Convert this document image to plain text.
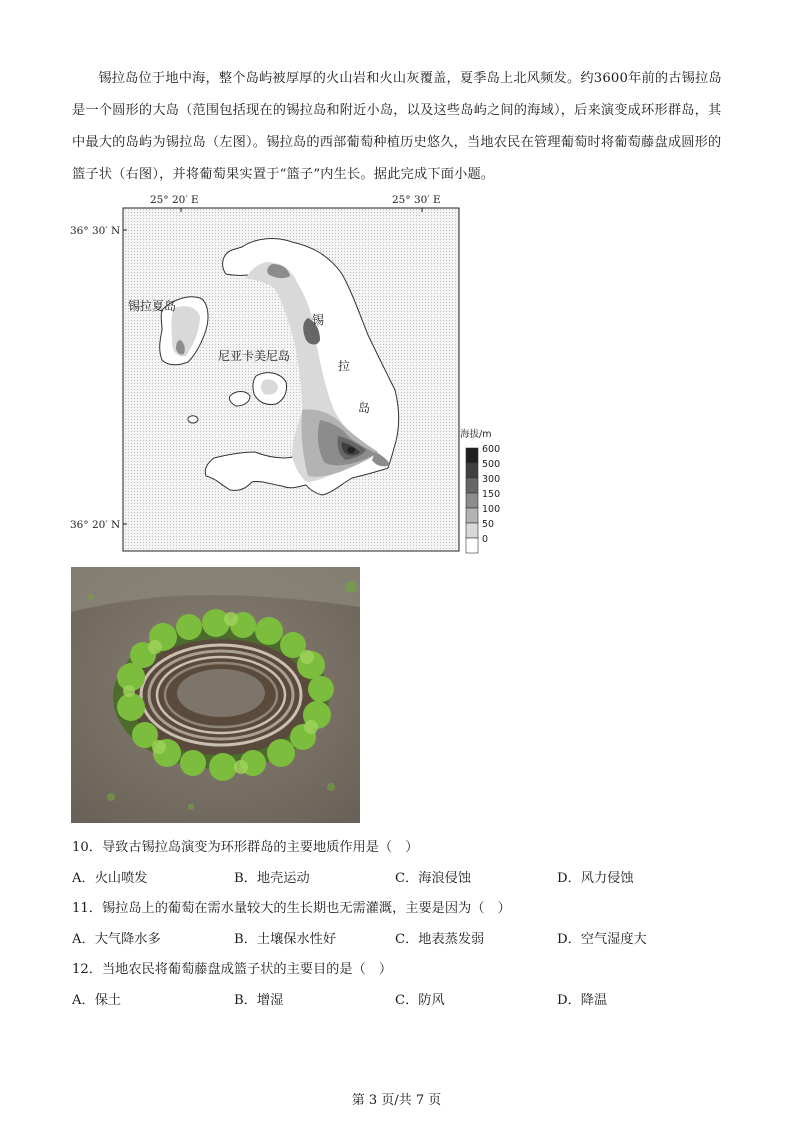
锡拉岛位于地中海，整个岛屿被厚厚的火山岩和火山灰覆盖，夏季岛上北风频发。约3600年前的古锡拉岛是一个圆形的大岛（范围包括现在的锡拉岛和附近小岛，以及这些岛屿之间的海域），后来演变成环形群岛，其中最大的岛屿为锡拉岛（左图）。锡拉岛的西部葡萄种植历史悠久，当地农民在管理葡萄时将葡萄藤盘成圆形的篮子状（右图），并将葡萄果实置于“篮子”内生长。据此完成下面小题。
25° 20′ E	25° 30′ E
36° 30′ N
36° 20′ N
锡拉夏岛
尼亚卡美尼岛
锡
拉
岛
海拔/m
600
500
300
150
100
50
0
10．导致古锡拉岛演变为环形群岛的主要地质作用是（　）
A．火山喷发	B．地壳运动	C．海浪侵蚀	D．风力侵蚀
11．锡拉岛上的葡萄在需水量较大的生长期也无需灌溉，主要是因为（　）
A．大气降水多	B．土壤保水性好	C．地表蒸发弱	D．空气湿度大
12．当地农民将葡萄藤盘成篮子状的主要目的是（　）
A．保土	B．增湿	C．防风	D．降温
第 3 页/共 7 页
